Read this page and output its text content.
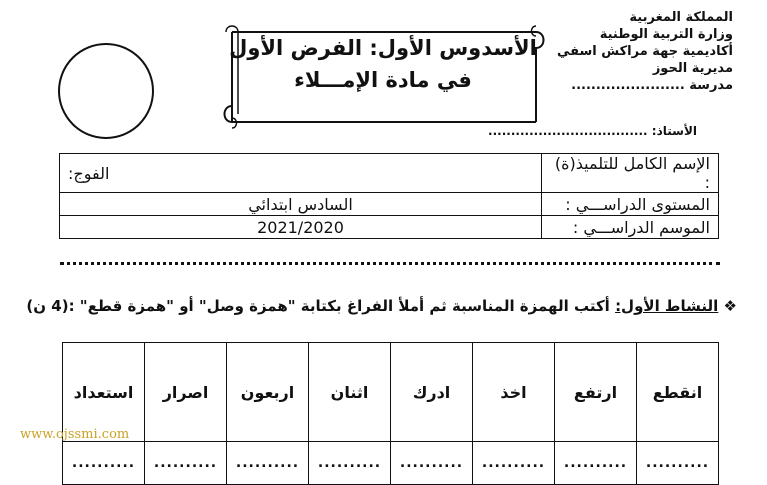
المملكة المغربية
وزارة التربية الوطنية
أكاديمية جهة مراكش اسفي
مديرية الحوز
مدرسة .......................
الأسدوس الأول: الفرض الأول
في مادة الإمـــلاء
الأستاذ: ...................................
الإسم الكامل للتلميذ(ة) :	الفوج:

المستوى الدراســـي :	السادس ابتدائي
الموسم الدراســـي :	2021/2020
❖ النشاط الأول: أكتب الهمزة المناسبة ثم أملأ الفراغ بكتابة "همزة وصل" أو "همزة قطع" :(4 ن)
انقطع	ارتفع	اخذ	ادرك	اثنان	اربعون	اصرار	استعداد
..........	..........	..........	..........	..........	..........	..........	..........
www.ojssmi.com
